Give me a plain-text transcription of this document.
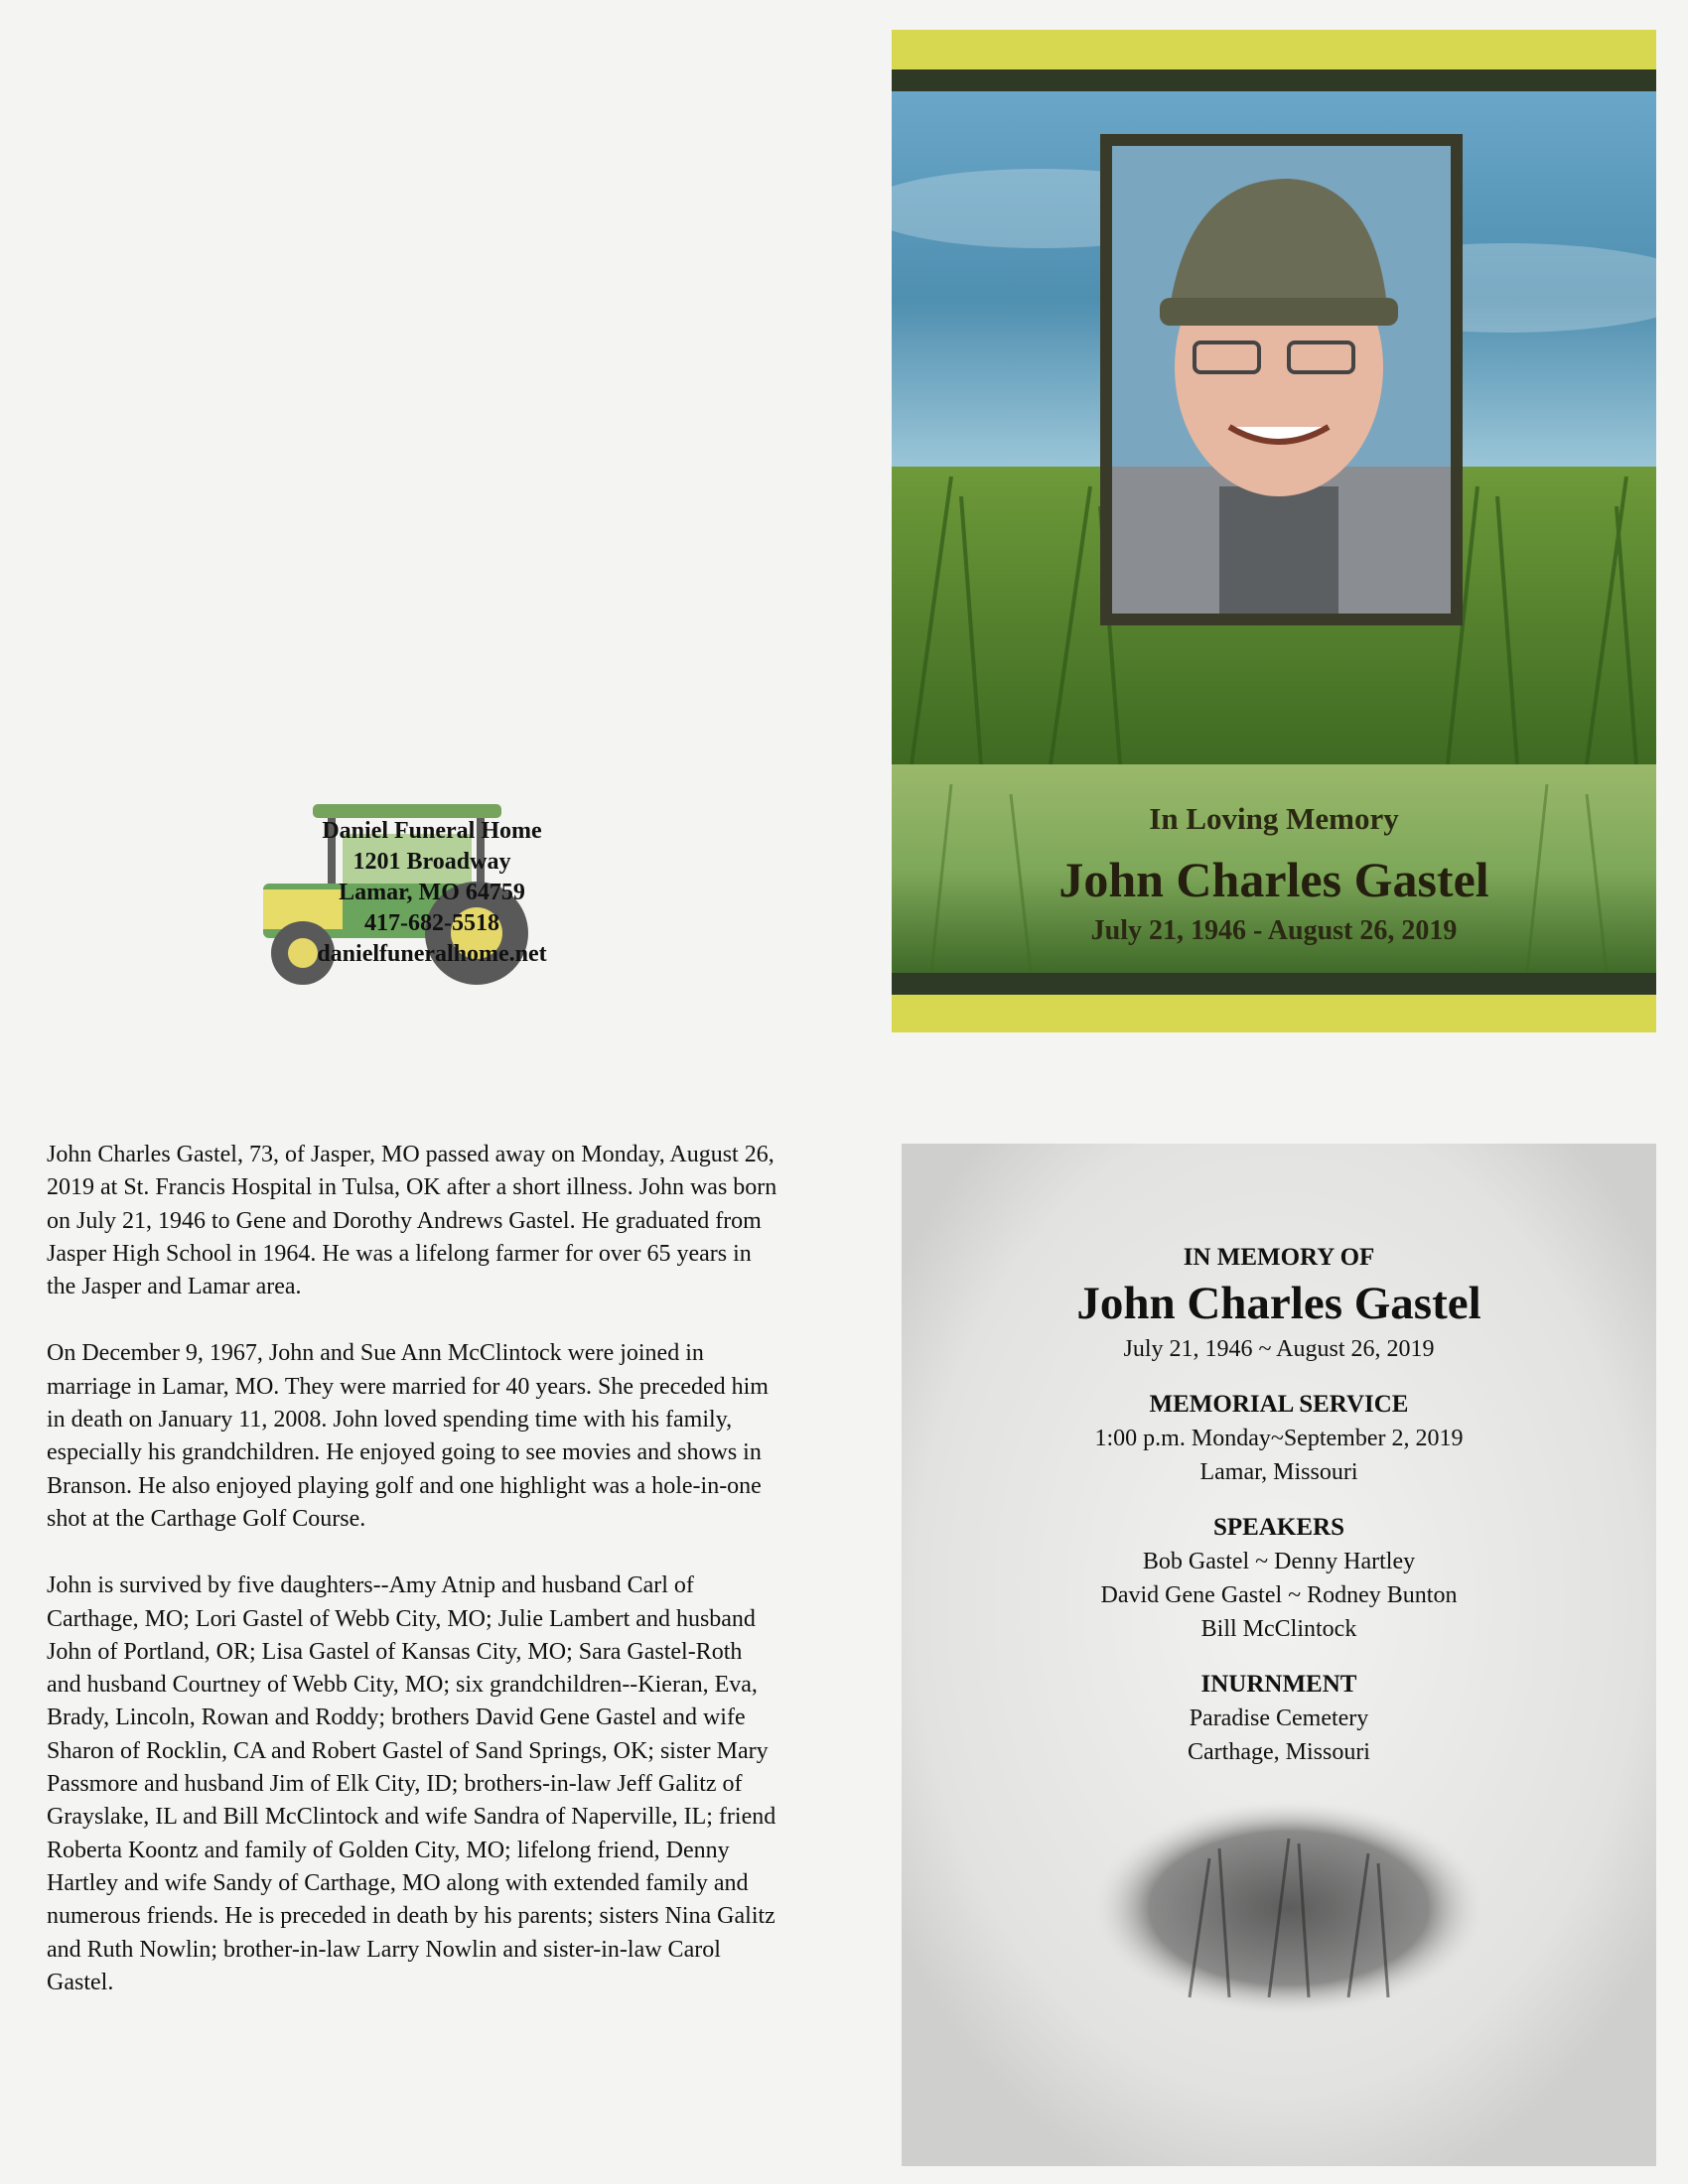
Daniel Funeral Home
1201 Broadway
Lamar, MO 64759
417-682-5518
danielfuneralhome.net
In Loving Memory
John Charles Gastel
July 21, 1946 - August 26, 2019

John Charles Gastel, 73, of Jasper, MO passed away on Monday, August 26, 2019 at St. Francis Hospital in Tulsa, OK after a short illness. John was born on July 21, 1946 to Gene and Dorothy Andrews Gastel. He graduated from Jasper High School in 1964. He was a lifelong farmer for over 65 years in the Jasper and Lamar area.

On December 9, 1967, John and Sue Ann McClintock were joined in marriage in Lamar, MO. They were married for 40 years. She preceded him in death on January 11, 2008. John loved spending time with his family, especially his grandchildren. He enjoyed going to see movies and shows in Branson. He also enjoyed playing golf and one highlight was a hole-in-one shot at the Carthage Golf Course.

John is survived by five daughters--Amy Atnip and husband Carl of Carthage, MO; Lori Gastel of Webb City, MO; Julie Lambert and husband John of Portland, OR; Lisa Gastel of Kansas City, MO; Sara Gastel-Roth and husband Courtney of Webb City, MO; six grandchildren--Kieran, Eva, Brady, Lincoln, Rowan and Roddy; brothers David Gene Gastel and wife Sharon of Rocklin, CA and Robert Gastel of Sand Springs, OK; sister Mary Passmore and husband Jim of Elk City, ID; brothers-in-law Jeff Galitz of Grayslake, IL and Bill McClintock and wife Sandra of Naperville, IL; friend Roberta Koontz and family of Golden City, MO; lifelong friend, Denny Hartley and wife Sandy of Carthage, MO along with extended family and numerous friends. He is preceded in death by his parents; sisters Nina Galitz and Ruth Nowlin; brother-in-law Larry Nowlin and sister-in-law Carol Gastel.

IN MEMORY OF
John Charles Gastel
July 21, 1946 ~ August 26, 2019
MEMORIAL SERVICE
1:00 p.m. Monday~September 2, 2019
Lamar, Missouri
SPEAKERS
Bob Gastel ~ Denny Hartley
David Gene Gastel ~ Rodney Bunton
Bill McClintock
INURNMENT
Paradise Cemetery
Carthage, Missouri
